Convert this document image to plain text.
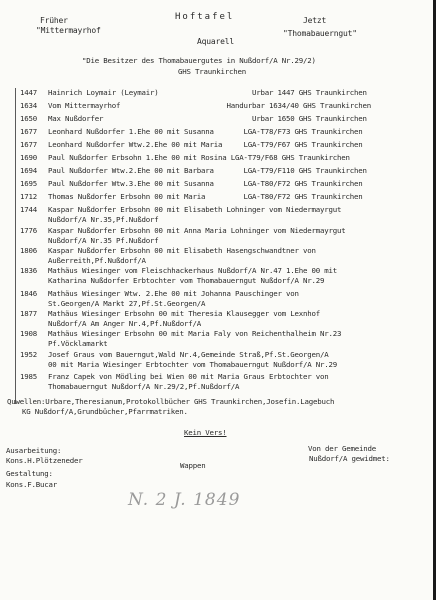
Früher
"Mittermayrhof
Hoftafel
Aquarell
Jetzt
"Thomabauerngut"
"Die Besitzer des Thomabauergutes in Nußdorf/A Nr.29/2)
GHS Traunkirchen
1447 Hainrich Loymair (Leymair)                      Urbar 1447 GHS Traunkirchen
1634 Vom Mittermayrhof                         Handurbar 1634/40 GHS Traunkirchen
1650 Max Nußdorfer                                   Urbar 1650 GHS Traunkirchen
1677 Leonhard Nußdorfer 1.Ehe 00 mit Susanna       LGA-T78/F73 GHS Traunkirchen
1677 Leonhard Nußdorfer Wtw.2.Ehe 00 mit Maria     LGA-T79/F67 GHS Traunkirchen
1690 Paul Nußdorfer Erbsohn 1.Ehe 00 mit Rosina LGA-T79/F68 GHS Traunkirchen
1694 Paul Nußdorfer Wtw.2.Ehe 00 mit Barbara       LGA-T79/F110 GHS Traunkirchen
1695 Paul Nußdorfer Wtw.3.Ehe 00 mit Susanna       LGA-T80/F72 GHS Traunkirchen
1712 Thomas Nußdorfer Erbsohn 00 mit Maria         LGA-T80/F72 GHS Traunkirchen
1744 Kaspar Nußdorfer Erbsohn 00 mit Elisabeth Lohninger vom Niedermayrgut
Nußdorf/A Nr.35,Pf.Nußdorf
1776 Kaspar Nußdorfer Erbsohn 00 mit Anna Maria Lohninger vom Niedermayrgut
Nußdorf/A Nr.35 Pf.Nußdorf
1806 Kaspar Nußdorfer Erbsohn 00 mit Elisabeth Hasengschwandtner von
Außerreith,Pf.Nußdorf/A
1836 Mathäus Wiesinger vom Fleischhackerhaus Nußdorf/A Nr.47 1.Ehe 00 mit
Katharina Nußdorfer Erbtochter vom Thomabauerngut Nußdorf/A Nr.29
1846 Mathäus Wiesinger Wtw. 2.Ehe 00 mit Johanna Pauschinger von
St.Georgen/A Markt 27,Pf.St.Georgen/A
1877 Mathäus Wiesinger Erbsohn 00 mit Theresia Klausegger vom Lexnhof
Nußdorf/A Am Anger Nr.4,Pf.Nußdorf/A
1908 Mathäus Wiesinger Erbsohn 00 mit Maria Faly von Reichenthalheim Nr.23
Pf.Vöcklamarkt
1952 Josef Graus vom Bauerngut,Wald Nr.4,Gemeinde Straß,Pf.St.Georgen/A
00 mit Maria Wiesinger Erbtochter vom Thomabauerngut Nußdorf/A Nr.29
1985 Franz Capek von Mödling bei Wien 00 mit Maria Graus Erbtochter von
Thomabauerngut Nußdorf/A Nr.29/2,Pf.Nußdorf/A
Quwellen:Urbare,Theresianum,Protokollbücher GHS Traunkirchen,Josefin.Lagebuch
KG Nußdorf/A,Grundbücher,Pfarrmatriken.
Kein Vers!
Ausarbeitung:
Kons.H.Plötzeneder
Gestaltung:
Kons.F.Bucar
Wappen
Von der Gemeinde
Nußdorf/A gewidmet:
N. 2 J. 1849
